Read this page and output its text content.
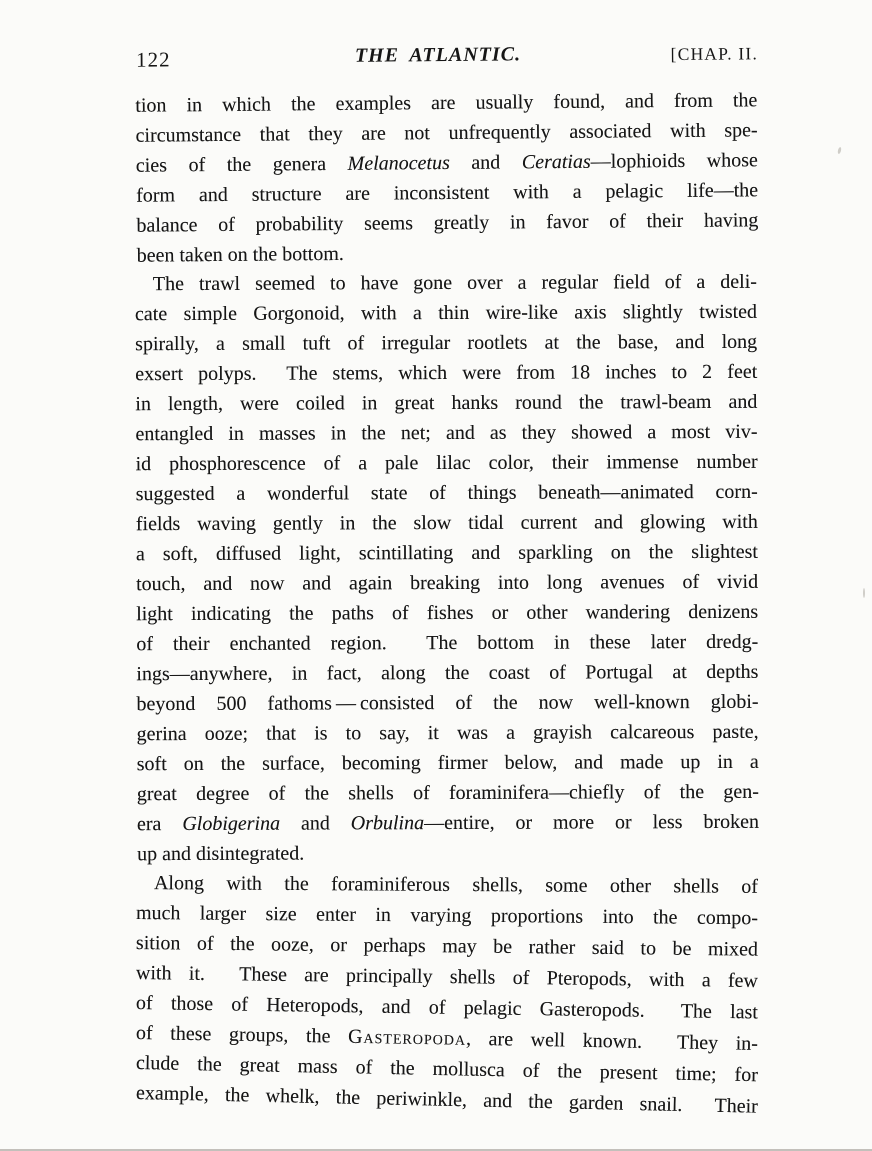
122	THE ATLANTIC.	[CHAP. II.
tion in which the examples are usually found, and from the
circumstance that they are not unfrequently associated with spe-
cies of the genera Melanocetus and Ceratias—lophioids whose
form and structure are inconsistent with a pelagic life—the
balance of probability seems greatly in favor of their having
been taken on the bottom.
The trawl seemed to have gone over a regular field of a deli-
cate simple Gorgonoid, with a thin wire-like axis slightly twisted
spirally, a small tuft of irregular rootlets at the base, and long
exsert polyps.  The stems, which were from 18 inches to 2 feet
in length, were coiled in great hanks round the trawl-beam and
entangled in masses in the net; and as they showed a most viv-
id phosphorescence of a pale lilac color, their immense number
suggested a wonderful state of things beneath—animated corn-
fields waving gently in the slow tidal current and glowing with
a soft, diffused light, scintillating and sparkling on the slightest
touch, and now and again breaking into long avenues of vivid
light indicating the paths of fishes or other wandering denizens
of their enchanted region.  The bottom in these later dredg-
ings—anywhere, in fact, along the coast of Portugal at depths
beyond 500 fathoms — consisted of the now well-known globi-
gerina ooze; that is to say, it was a grayish calcareous paste,
soft on the surface, becoming firmer below, and made up in a
great degree of the shells of foraminifera—chiefly of the gen-
era Globigerina and Orbulina—entire, or more or less broken
up and disintegrated.
Along with the foraminiferous shells, some other shells of
much larger size enter in varying proportions into the compo-
sition of the ooze, or perhaps may be rather said to be mixed
with it.  These are principally shells of Pteropods, with a few
of those of Heteropods, and of pelagic Gasteropods.  The last
of these groups, the Gasteropoda, are well known.  They in-
clude the great mass of the mollusca of the present time; for
example, the whelk, the periwinkle, and the garden snail.  Their
